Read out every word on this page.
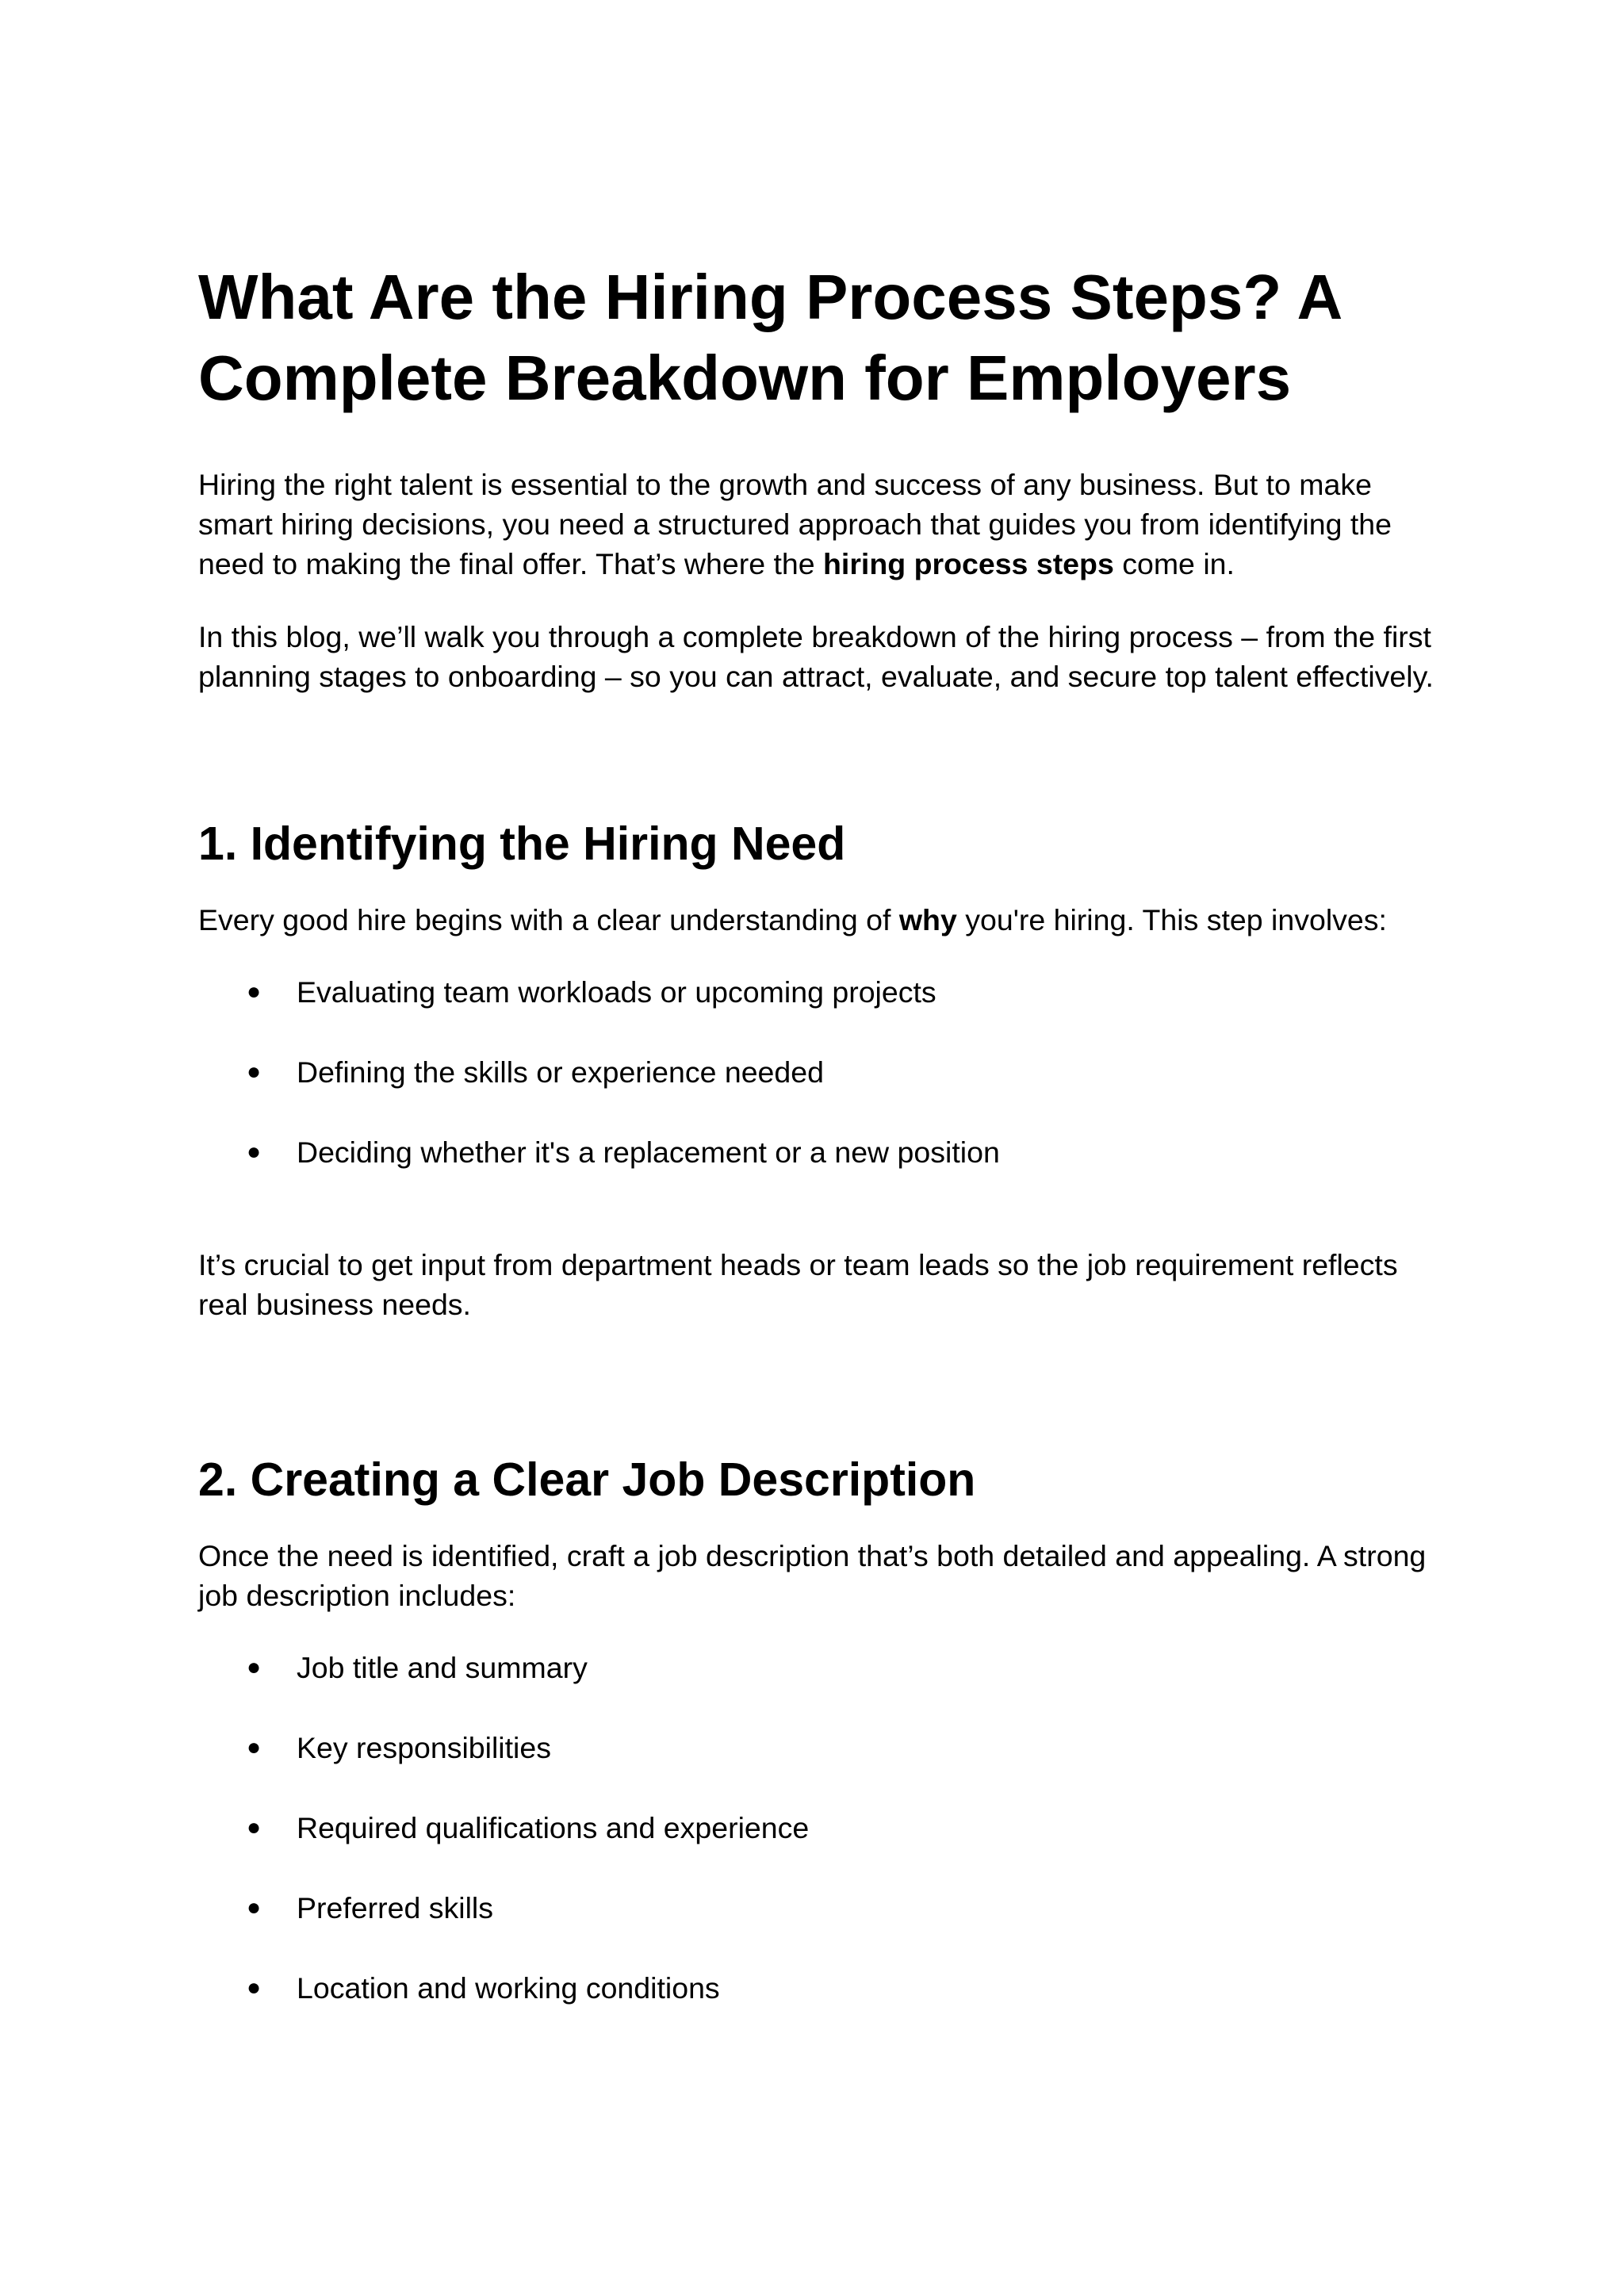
What Are the Hiring Process Steps? A Complete Breakdown for Employers

Hiring the right talent is essential to the growth and success of any business. But to make smart hiring decisions, you need a structured approach that guides you from identifying the need to making the final offer. That’s where the hiring process steps come in.

In this blog, we’ll walk you through a complete breakdown of the hiring process – from the first planning stages to onboarding – so you can attract, evaluate, and secure top talent effectively.

1. Identifying the Hiring Need

Every good hire begins with a clear understanding of why you're hiring. This step involves:

● Evaluating team workloads or upcoming projects
● Defining the skills or experience needed
● Deciding whether it's a replacement or a new position

It’s crucial to get input from department heads or team leads so the job requirement reflects real business needs.

2. Creating a Clear Job Description

Once the need is identified, craft a job description that’s both detailed and appealing. A strong job description includes:

● Job title and summary
● Key responsibilities
● Required qualifications and experience
● Preferred skills
● Location and working conditions
